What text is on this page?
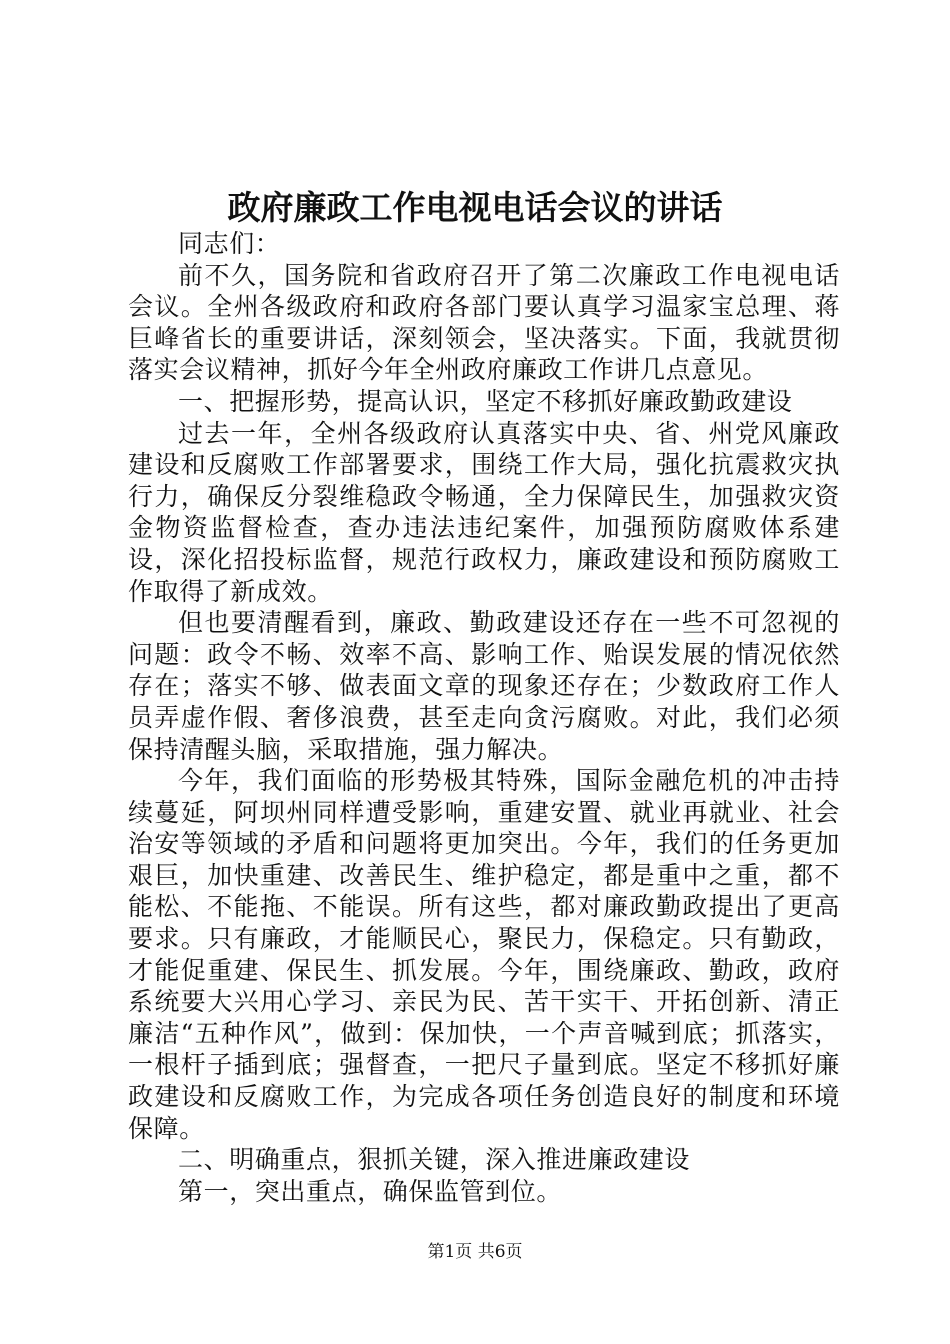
政府廉政工作电视电话会议的讲话

同志们：

前不久，国务院和省政府召开了第二次廉政工作电视电话会议。全州各级政府和政府各部门要认真学习温家宝总理、蒋巨峰省长的重要讲话，深刻领会，坚决落实。下面，我就贯彻落实会议精神，抓好今年全州政府廉政工作讲几点意见。

一、把握形势，提高认识，坚定不移抓好廉政勤政建设

过去一年，全州各级政府认真落实中央、省、州党风廉政建设和反腐败工作部署要求，围绕工作大局，强化抗震救灾执行力，确保反分裂维稳政令畅通，全力保障民生，加强救灾资金物资监督检查，查办违法违纪案件，加强预防腐败体系建设，深化招投标监督，规范行政权力，廉政建设和预防腐败工作取得了新成效。

但也要清醒看到，廉政、勤政建设还存在一些不可忽视的问题：政令不畅、效率不高、影响工作、贻误发展的情况依然存在；落实不够、做表面文章的现象还存在；少数政府工作人员弄虚作假、奢侈浪费，甚至走向贪污腐败。对此，我们必须保持清醒头脑，采取措施，强力解决。

今年，我们面临的形势极其特殊，国际金融危机的冲击持续蔓延，阿坝州同样遭受影响，重建安置、就业再就业、社会治安等领域的矛盾和问题将更加突出。今年，我们的任务更加艰巨，加快重建、改善民生、维护稳定，都是重中之重，都不能松、不能拖、不能误。所有这些，都对廉政勤政提出了更高要求。只有廉政，才能顺民心，聚民力，保稳定。只有勤政，才能促重建、保民生、抓发展。今年，围绕廉政、勤政，政府系统要大兴用心学习、亲民为民、苦干实干、开拓创新、清正廉洁“五种作风”，做到：保加快，一个声音喊到底；抓落实，一根杆子插到底；强督查，一把尺子量到底。坚定不移抓好廉政建设和反腐败工作，为完成各项任务创造良好的制度和环境保障。

二、明确重点，狠抓关键，深入推进廉政建设

第一，突出重点，确保监管到位。

第1页 共6页
